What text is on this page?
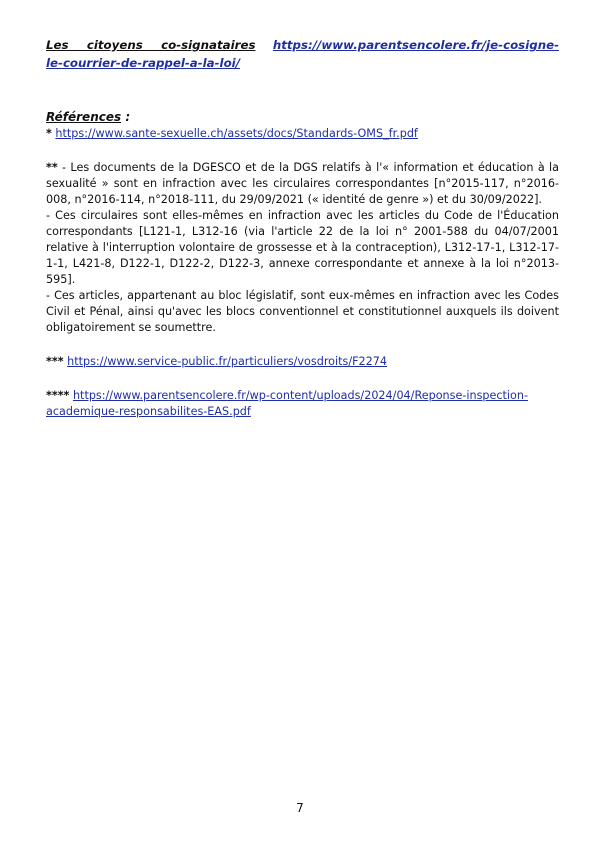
Les citoyens co-signataires https://www.parentsencolere.fr/je-cosigne-le-courrier-de-rappel-a-la-loi/

Références :

* https://www.sante-sexuelle.ch/assets/docs/Standards-OMS_fr.pdf

** - Les documents de la DGESCO et de la DGS relatifs à l'« information et éducation à la sexualité » sont en infraction avec les circulaires correspondantes [n°2015-117, n°2016-008, n°2016-114, n°2018-111, du 29/09/2021 (« identité de genre ») et du 30/09/2022].

- Ces circulaires sont elles-mêmes en infraction avec les articles du Code de l'Éducation correspondants [L121-1, L312-16 (via l'article 22 de la loi n° 2001-588 du 04/07/2001 relative à l'interruption volontaire de grossesse et à la contraception), L312-17-1, L312-17-1-1, L421-8, D122-1, D122-2, D122-3, annexe correspondante et annexe à la loi n°2013-595].

- Ces articles, appartenant au bloc législatif, sont eux-mêmes en infraction avec les Codes Civil et Pénal, ainsi qu'avec les blocs conventionnel et constitutionnel auxquels ils doivent obligatoirement se soumettre.

*** https://www.service-public.fr/particuliers/vosdroits/F2274

**** https://www.parentsencolere.fr/wp-content/uploads/2024/04/Reponse-inspection-academique-responsabilites-EAS.pdf

7
